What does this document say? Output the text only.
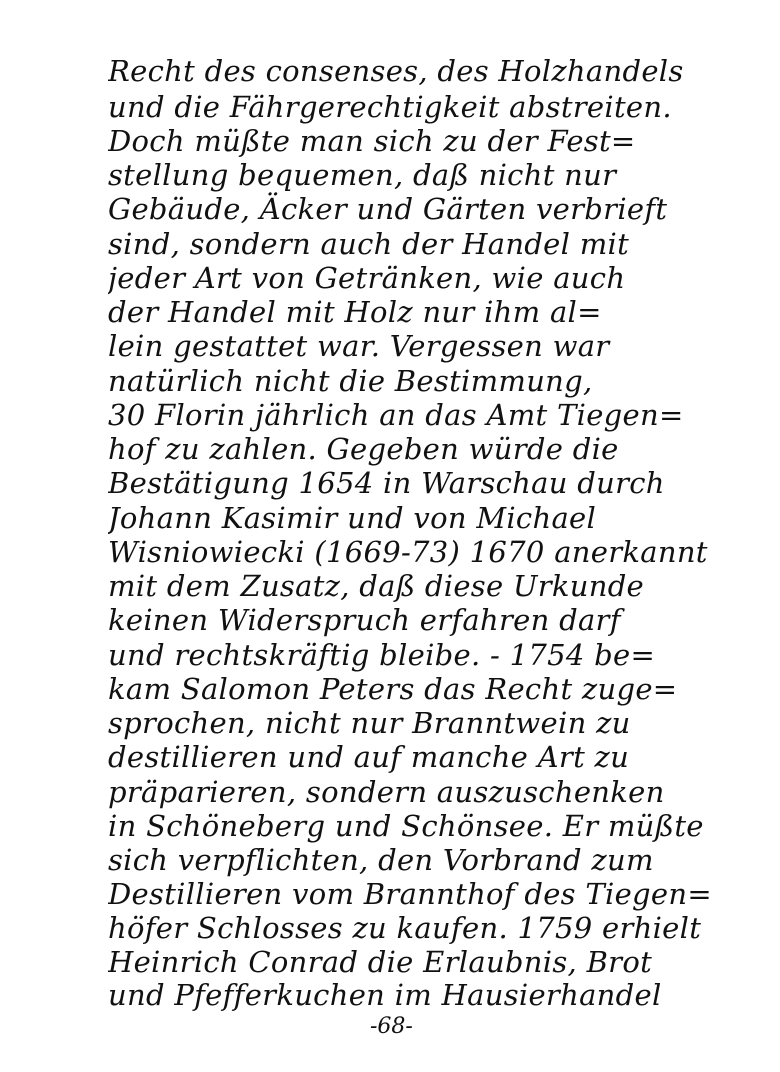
Recht des consenses, des Holzhandels
und die Fährgerechtigkeit abstreiten.
Doch müßte man sich zu der Fest=
stellung bequemen, daß nicht nur
Gebäude, Äcker und Gärten verbrieft
sind, sondern auch der Handel mit
jeder Art von Getränken, wie auch
der Handel mit Holz nur ihm al=
lein gestattet war. Vergessen war
natürlich nicht die Bestimmung,
30 Florin jährlich an das Amt Tiegen=
hof zu zahlen. Gegeben würde die
Bestätigung 1654 in Warschau durch
Johann Kasimir und von Michael
Wisniowiecki (1669-73) 1670 anerkannt
mit dem Zusatz, daß diese Urkunde
keinen Widerspruch erfahren darf
und rechtskräftig bleibe. - 1754 be=
kam Salomon Peters das Recht zuge=
sprochen, nicht nur Branntwein zu
destillieren und auf manche Art zu
präparieren, sondern auszuschenken
in Schöneberg und Schönsee. Er müßte
sich verpflichten, den Vorbrand zum
Destillieren vom Brannthof des Tiegen=
höfer Schlosses zu kaufen. 1759 erhielt
Heinrich Conrad die Erlaubnis, Brot
und Pfefferkuchen im Hausierhandel
-68-
